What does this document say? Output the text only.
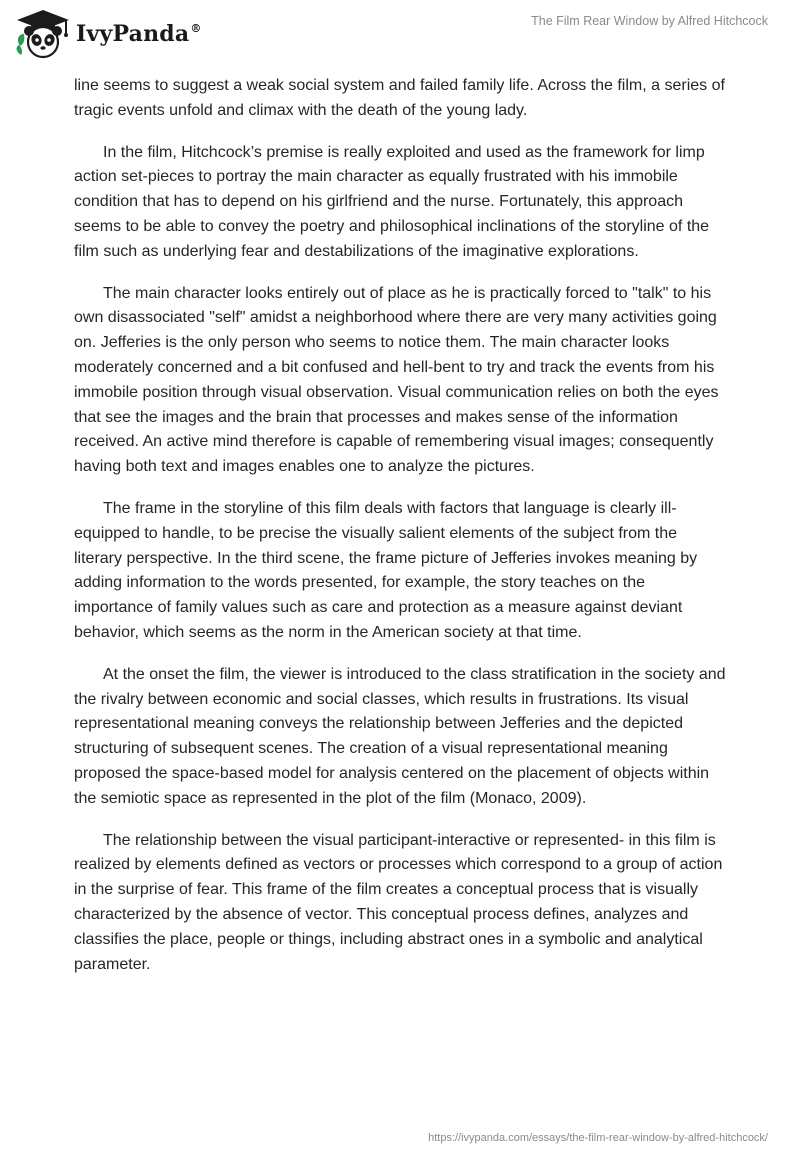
IvyPanda®
The Film Rear Window by Alfred Hitchcock

line seems to suggest a weak social system and failed family life. Across the film, a series of tragic events unfold and climax with the death of the young lady.

In the film, Hitchcock’s premise is really exploited and used as the framework for limp action set-pieces to portray the main character as equally frustrated with his immobile condition that has to depend on his girlfriend and the nurse. Fortunately, this approach seems to be able to convey the poetry and philosophical inclinations of the storyline of the film such as underlying fear and destabilizations of the imaginative explorations.

The main character looks entirely out of place as he is practically forced to "talk" to his own disassociated "self" amidst a neighborhood where there are very many activities going on. Jefferies is the only person who seems to notice them. The main character looks moderately concerned and a bit confused and hell-bent to try and track the events from his immobile position through visual observation. Visual communication relies on both the eyes that see the images and the brain that processes and makes sense of the information received. An active mind therefore is capable of remembering visual images; consequently having both text and images enables one to analyze the pictures.

The frame in the storyline of this film deals with factors that language is clearly ill-equipped to handle, to be precise the visually salient elements of the subject from the literary perspective. In the third scene, the frame picture of Jefferies invokes meaning by adding information to the words presented, for example, the story teaches on the importance of family values such as care and protection as a measure against deviant behavior, which seems as the norm in the American society at that time.

At the onset the film, the viewer is introduced to the class stratification in the society and the rivalry between economic and social classes, which results in frustrations. Its visual representational meaning conveys the relationship between Jefferies and the depicted structuring of subsequent scenes. The creation of a visual representational meaning proposed the space-based model for analysis centered on the placement of objects within the semiotic space as represented in the plot of the film (Monaco, 2009).

The relationship between the visual participant-interactive or represented- in this film is realized by elements defined as vectors or processes which correspond to a group of action in the surprise of fear. This frame of the film creates a conceptual process that is visually characterized by the absence of vector. This conceptual process defines, analyzes and classifies the place, people or things, including abstract ones in a symbolic and analytical parameter.

https://ivypanda.com/essays/the-film-rear-window-by-alfred-hitchcock/
